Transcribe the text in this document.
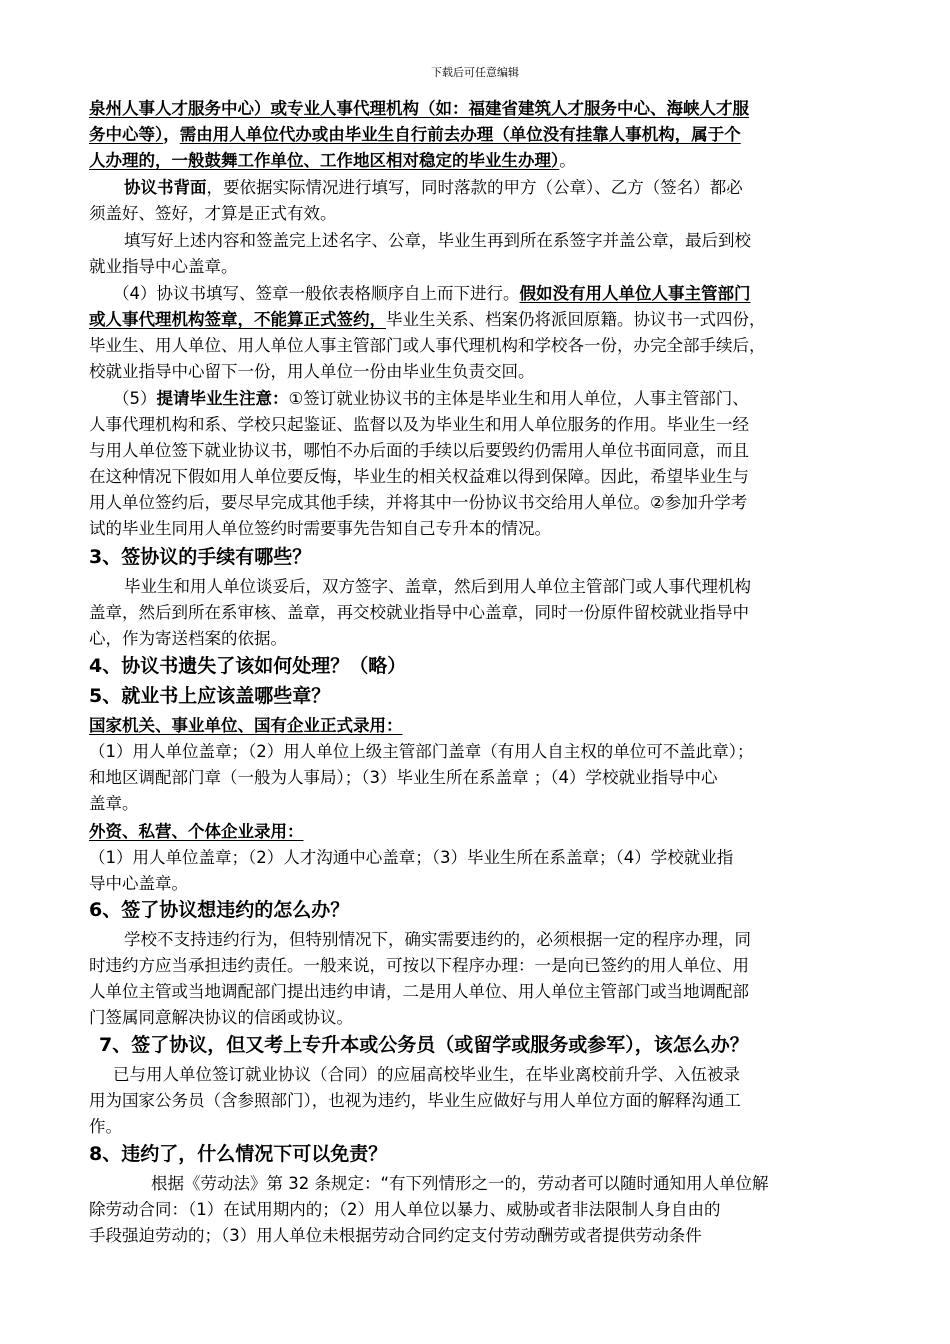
下载后可任意编辑
泉州人事人才服务中心）或专业人事代理机构（如：福建省建筑人才服务中心、海峡人才服
务中心等），需由用人单位代办或由毕业生自行前去办理（单位没有挂靠人事机构，属于个
人办理的，一般鼓舞工作单位、工作地区相对稳定的毕业生办理）。
协议书背面，要依据实际情况进行填写，同时落款的甲方（公章）、乙方（签名）都必
须盖好、签好，才算是正式有效。
填写好上述内容和签盖完上述名字、公章，毕业生再到所在系签字并盖公章，最后到校
就业指导中心盖章。
（4）协议书填写、签章一般依表格顺序自上而下进行。假如没有用人单位人事主管部门
或人事代理机构签章，不能算正式签约，毕业生关系、档案仍将派回原籍。协议书一式四份，
毕业生、用人单位、用人单位人事主管部门或人事代理机构和学校各一份，办完全部手续后，
校就业指导中心留下一份，用人单位一份由毕业生负责交回。
（5）提请毕业生注意：①签订就业协议书的主体是毕业生和用人单位，人事主管部门、
人事代理机构和系、学校只起鉴证、监督以及为毕业生和用人单位服务的作用。毕业生一经
与用人单位签下就业协议书，哪怕不办后面的手续以后要毁约仍需用人单位书面同意，而且
在这种情况下假如用人单位要反悔，毕业生的相关权益难以得到保障。因此，希望毕业生与
用人单位签约后，要尽早完成其他手续，并将其中一份协议书交给用人单位。②参加升学考
试的毕业生同用人单位签约时需要事先告知自己专升本的情况。
3、签协议的手续有哪些？
毕业生和用人单位谈妥后，双方签字、盖章，然后到用人单位主管部门或人事代理机构
盖章，然后到所在系审核、盖章，再交校就业指导中心盖章，同时一份原件留校就业指导中
心，作为寄送档案的依据。
4、协议书遗失了该如何处理？（略）
5、就业书上应该盖哪些章？
国家机关、事业单位、国有企业正式录用：
（1）用人单位盖章；（2）用人单位上级主管部门盖章（有用人自主权的单位可不盖此章）；
和地区调配部门章（一般为人事局）；（3）毕业生所在系盖章 ；（4）学校就业指导中心
盖章。
外资、私营、个体企业录用：
（1）用人单位盖章；（2）人才沟通中心盖章；（3）毕业生所在系盖章；（4）学校就业指
导中心盖章。
6、签了协议想违约的怎么办？
学校不支持违约行为，但特别情况下，确实需要违约的，必须根据一定的程序办理，同
时违约方应当承担违约责任。一般来说，可按以下程序办理：一是向已签约的用人单位、用
人单位主管或当地调配部门提出违约申请，二是用人单位、用人单位主管部门或当地调配部
门签属同意解决协议的信函或协议。
7、签了协议，但又考上专升本或公务员（或留学或服务或参军），该怎么办？
已与用人单位签订就业协议（合同）的应届高校毕业生，在毕业离校前升学、入伍被录
用为国家公务员（含参照部门），也视为违约，毕业生应做好与用人单位方面的解释沟通工
作。
8、违约了，什么情况下可以免责？
根据《劳动法》第 32 条规定：“有下列情形之一的，劳动者可以随时通知用人单位解
除劳动合同：（1）在试用期内的；（2）用人单位以暴力、威胁或者非法限制人身自由的
手段强迫劳动的；（3）用人单位未根据劳动合同约定支付劳动酬劳或者提供劳动条件
